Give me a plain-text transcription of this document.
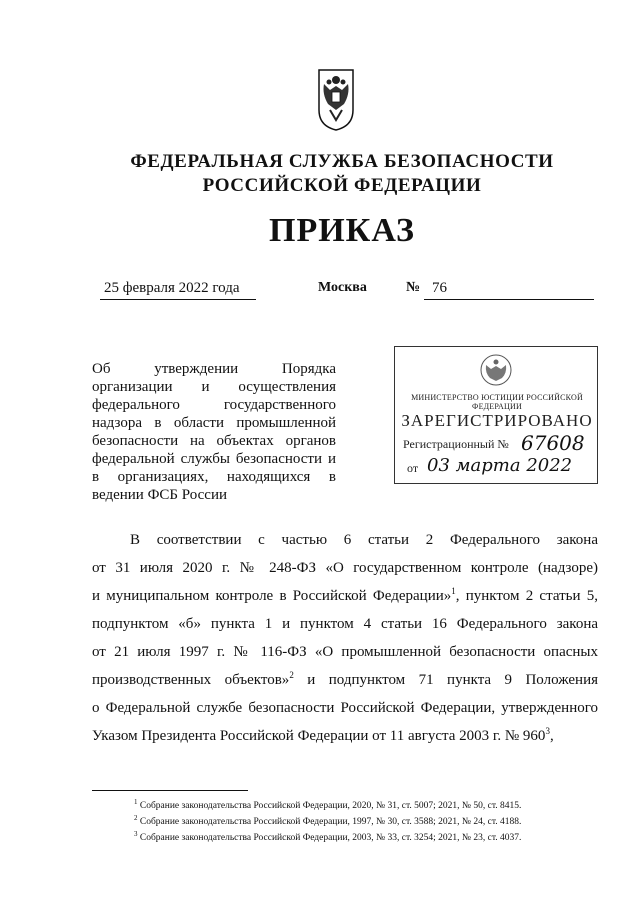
ФЕДЕРАЛЬНАЯ СЛУЖБА БЕЗОПАСНОСТИ
РОССИЙСКОЙ ФЕДЕРАЦИИ
ПРИКАЗ
25 февраля 2022 года	Москва	№ 76
Об утверждении Порядка
организации и осуществления
федерального государственного
надзора в области промышленной
безопасности на объектах органов
федеральной службы безопасности и
в организациях, находящихся в
ведении ФСБ России
МИНИСТЕРСТВО ЮСТИЦИИ РОССИЙСКОЙ ФЕДЕРАЦИИ
ЗАРЕГИСТРИРОВАНО
Регистрационный № 67608
от 03 марта 2022
В соответствии с частью 6 статьи 2 Федерального закона
от 31 июля 2020 г. № 248-ФЗ «О государственном контроле (надзоре)
и муниципальном контроле в Российской Федерации»$^1$, пунктом 2 статьи 5,
подпунктом «б» пункта 1 и пунктом 4 статьи 16 Федерального закона
от 21 июля 1997 г. № 116-ФЗ «О промышленной безопасности опасных
производственных объектов»$^2$ и подпунктом 71 пункта 9 Положения
о Федеральной службе безопасности Российской Федерации, утвержденного
Указом Президента Российской Федерации от 11 августа 2003 г. № $960^3$,
$^1$ Собрание законодательства Российской Федерации, 2020, № 31, ст. 5007; 2021, № 50, ст. 8415.
$^2$ Собрание законодательства Российской Федерации, 1997, № 30, ст. 3588; 2021, № 24, ст. 4188.
$^3$ Собрание законодательства Российской Федерации, 2003, № 33, ст. 3254; 2021, № 23, ст. 4037.
